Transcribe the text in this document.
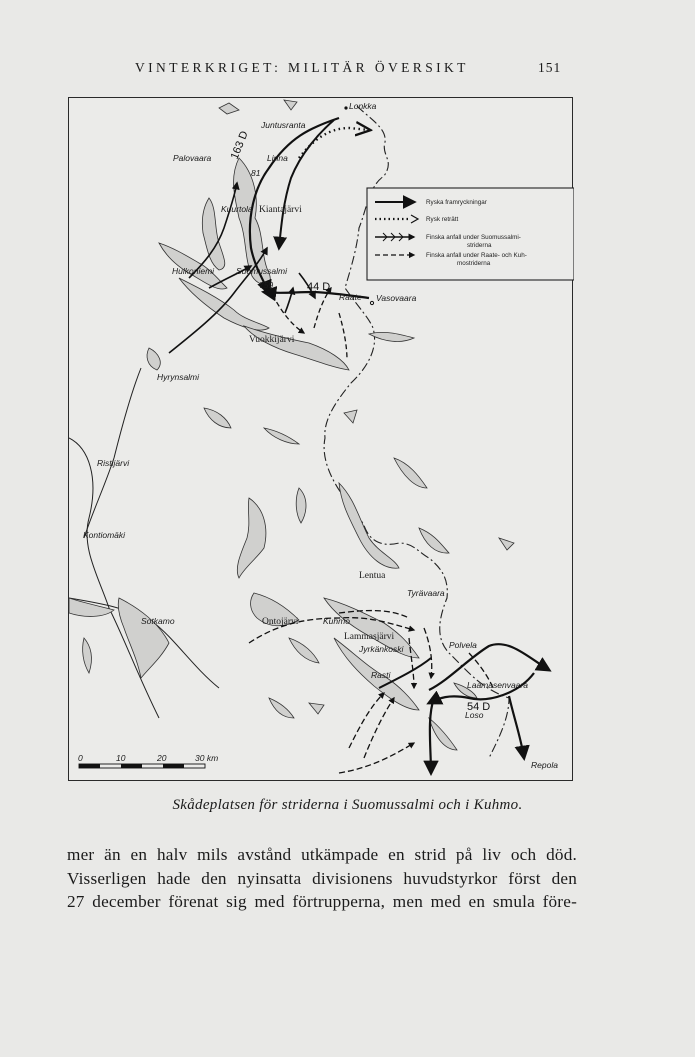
VINTERKRIGET: MILITÄR ÖVERSIKT	151
Ryska framryckningar
Rysk reträtt
Finska anfall under Suomussalmi-
striderna
Finska anfall under Raate- och Kuh-
mostriderna
Lonkka
Juntusranta
Palovaara	Linna
Kuurtola Kiantajärvi
Hulkoniemi	Suomussalmi
Raate Vasovaara
Vuokkijärvi
Hyrynsalmi
Ristijärvi
Kontiomäki
Sotkamo	Ontojärvi	Kuhmo
Lammasjärvi
Lentua
Tyrävaara
Jyrkänkoski	Polvela
Rasti
Laamasenvaara
Loso
Repola
163 D
44 D
54 D
81
759
0	10	20	30 km
Skådeplatsen för striderna i Suomussalmi och i Kuhmo.

mer än en halv mils avstånd utkämpade en strid på liv och död.

Visserligen hade den nyinsatta divisionens huvudstyrkor först den

27 december förenat sig med förtrupperna, men med en smula före-
